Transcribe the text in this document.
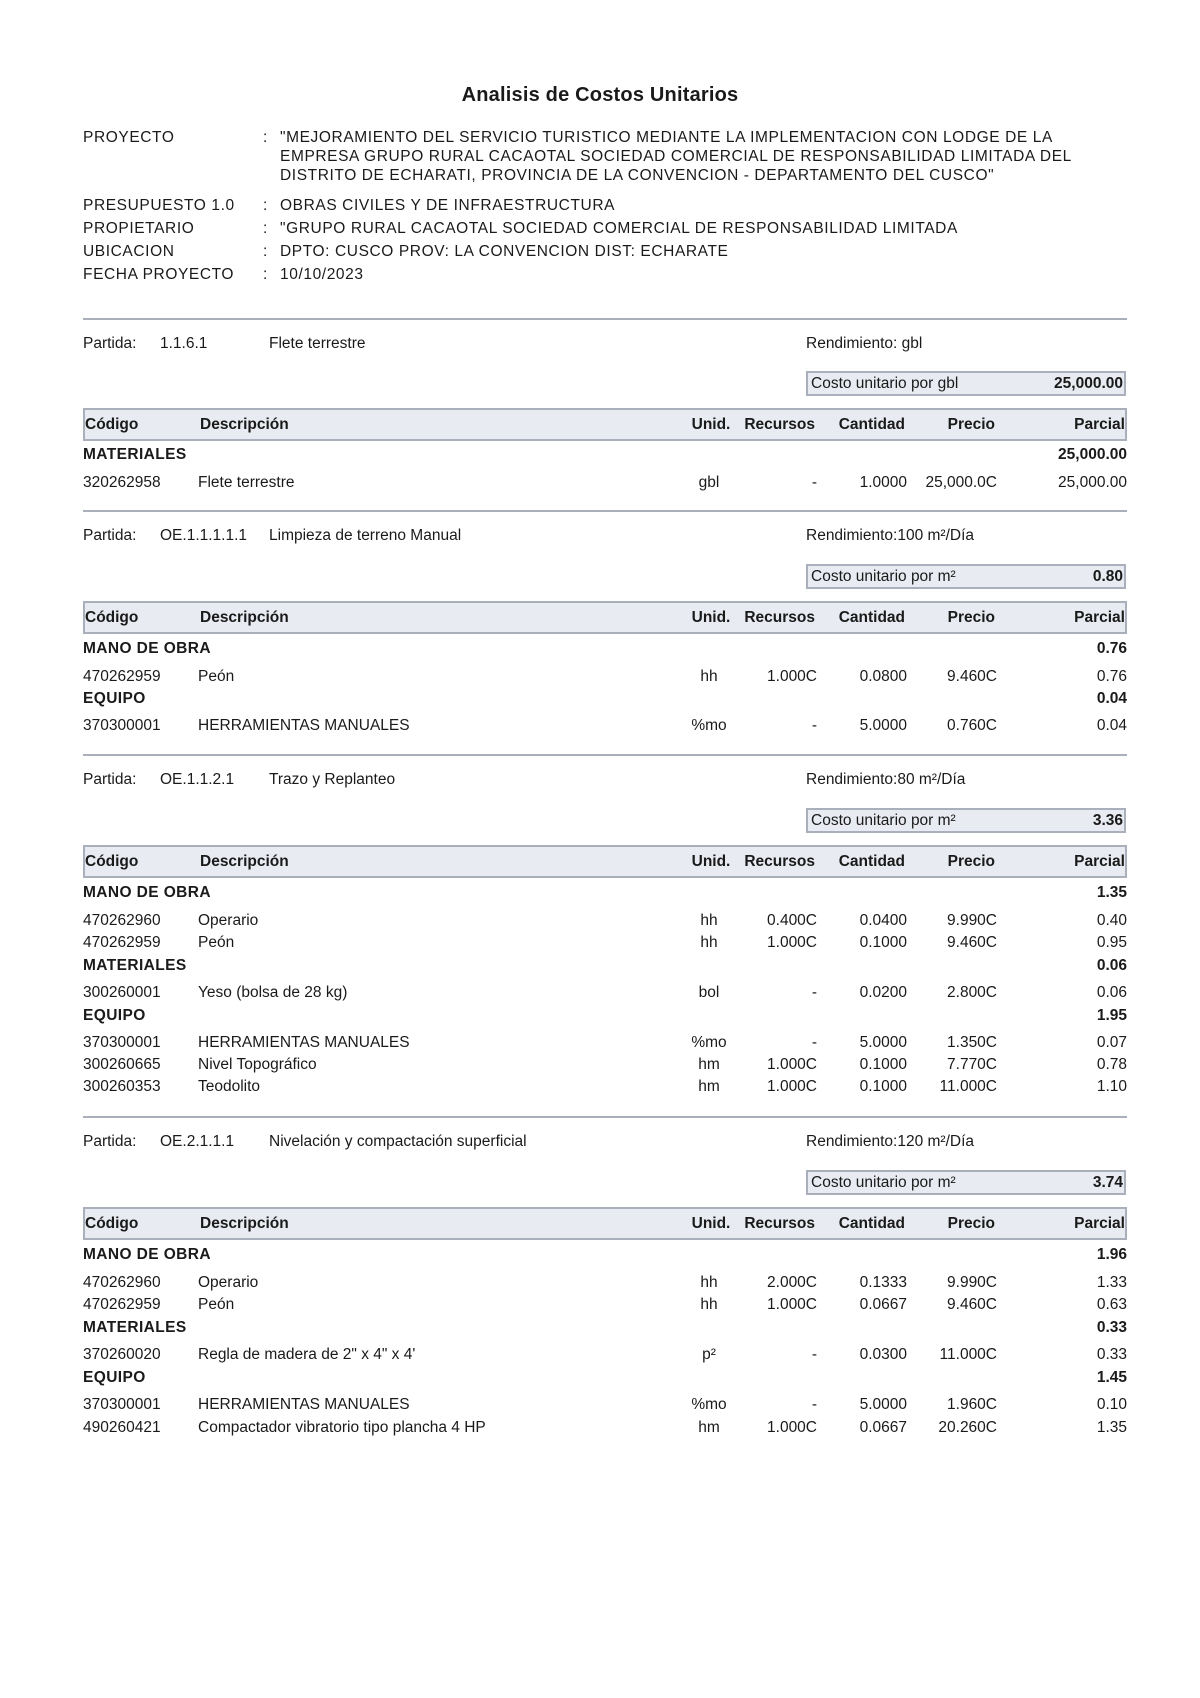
Analisis de Costos Unitarios
PROYECTO	: "MEJORAMIENTO DEL SERVICIO TURISTICO MEDIANTE LA IMPLEMENTACION CON LODGE DE LA EMPRESA GRUPO RURAL CACAOTAL SOCIEDAD COMERCIAL DE RESPONSABILIDAD LIMITADA DEL DISTRITO DE ECHARATI, PROVINCIA DE LA CONVENCION - DEPARTAMENTO DEL CUSCO"
PRESUPUESTO 1.0	: OBRAS CIVILES Y DE INFRAESTRUCTURA
PROPIETARIO	: "GRUPO RURAL CACAOTAL SOCIEDAD COMERCIAL DE RESPONSABILIDAD LIMITADA
UBICACION	: DPTO: CUSCO PROV: LA CONVENCION DIST: ECHARATE
FECHA PROYECTO	: 10/10/2023
Partida: 1.1.6.1	Flete terrestre	Rendimiento: gbl
Costo unitario por gbl	25,000.00
Código	Descripción	Unid. Recursos Cantidad	Precio	Parcial
MATERIALES	25,000.00
320262958 Flete terrestre	gbl	-	1.0000 25,000.0C	25,000.00
Partida: OE.1.1.1.1.1 Limpieza de terreno Manual	Rendimiento:100 m²/Día
Costo unitario por m²	0.80
Código	Descripción	Unid. Recursos Cantidad	Precio	Parcial
MANO DE OBRA	0.76
470262959 Peón	hh	1.000C	0.0800	9.460C	0.76
EQUIPO	0.04
370300001 HERRAMIENTAS MANUALES	%mo	-	5.0000	0.760C	0.04
Partida: OE.1.1.2.1 Trazo y Replanteo	Rendimiento:80 m²/Día
Costo unitario por m²	3.36
Código	Descripción	Unid. Recursos Cantidad	Precio	Parcial
MANO DE OBRA	1.35
470262960 Operario	hh	0.400C	0.0400	9.990C	0.40
470262959 Peón	hh	1.000C	0.1000	9.460C	0.95
MATERIALES	0.06
300260001 Yeso (bolsa de 28 kg)	bol	-	0.0200	2.800C	0.06
EQUIPO	1.95
370300001 HERRAMIENTAS MANUALES	%mo	-	5.0000	1.350C	0.07
300260665 Nivel Topográfico	hm	1.000C	0.1000	7.770C	0.78
300260353 Teodolito	hm	1.000C	0.1000 11.000C	1.10
Partida: OE.2.1.1.1 Nivelación y compactación superficial	Rendimiento:120 m²/Día
Costo unitario por m²	3.74
Código	Descripción	Unid. Recursos Cantidad	Precio	Parcial
MANO DE OBRA	1.96
470262960 Operario	hh	2.000C	0.1333	9.990C	1.33
470262959 Peón	hh	1.000C	0.0667	9.460C	0.63
MATERIALES	0.33
370260020 Regla de madera de 2" x 4" x 4'	p²	-	0.0300 11.000C	0.33
EQUIPO	1.45
370300001 HERRAMIENTAS MANUALES	%mo	-	5.0000	1.960C	0.10
490260421 Compactador vibratorio tipo plancha 4 HP	hm	1.000C	0.0667 20.260C	1.35
